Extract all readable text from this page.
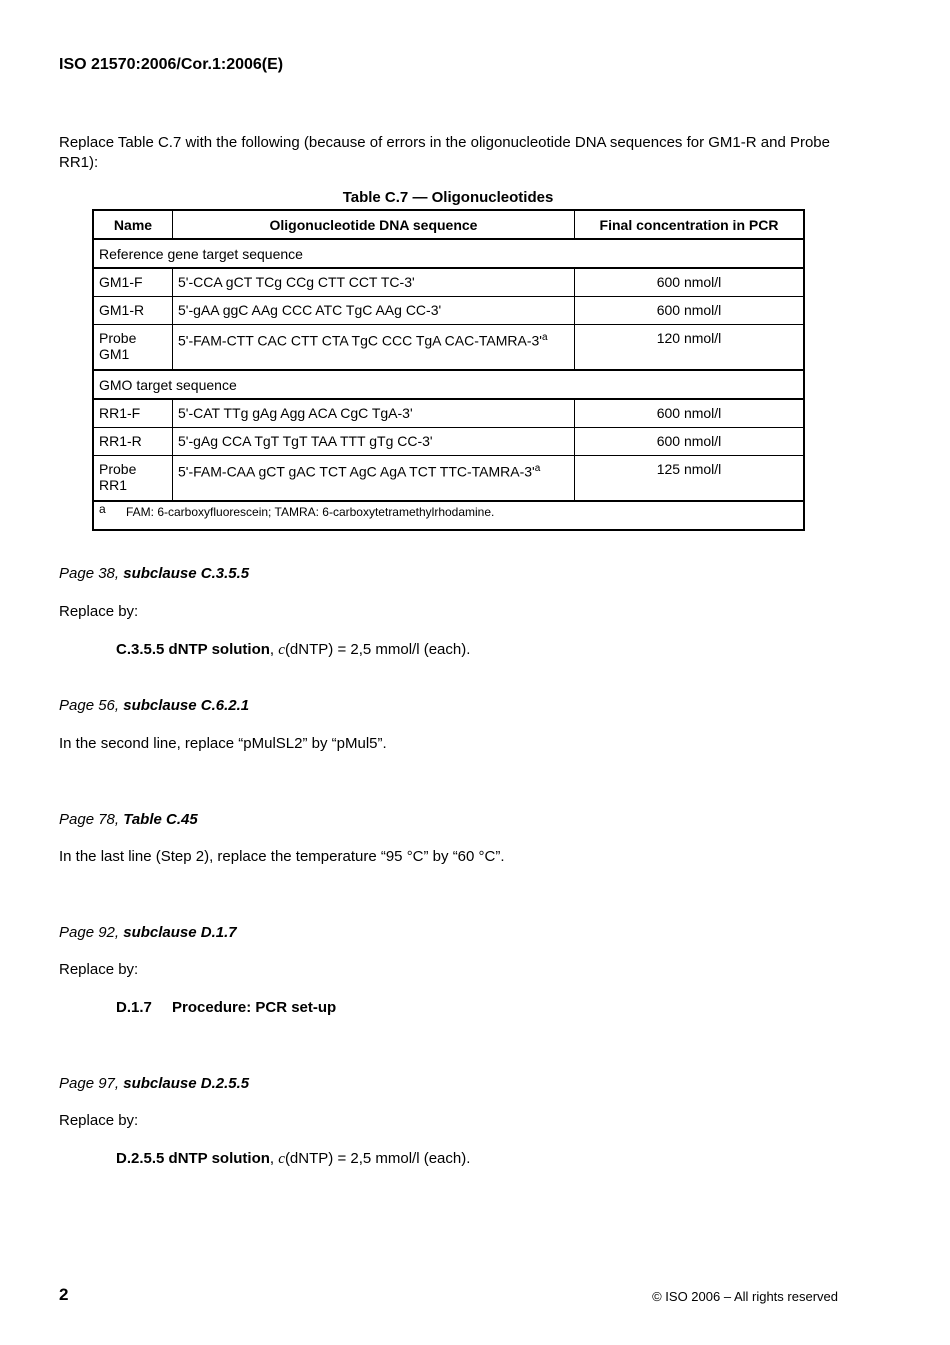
ISO 21570:2006/Cor.1:2006(E)
Replace Table C.7 with the following (because of errors in the oligonucleotide DNA sequences for GM1-R and Probe RR1):
Table C.7 — Oligonucleotides
Name	Oligonucleotide DNA sequence	Final concentration in PCR
Reference gene target sequence		
GM1-F	5'-CCA gCT TCg CCg CTT CCT TC-3'	600 nmol/l
GM1-R	5'-gAA ggC AAg CCC ATC TgC AAg CC-3'	600 nmol/l
Probe GM1	5'-FAM-CTT CAC CTT CTA TgC CCC TgA CAC-$TAMRA-3'^a$	120 nmol/l
GMO target sequence		
RR1-F	5'-CAT TTg gAg Agg ACA CgC TgA-3'	600 nmol/l
RR1-R	5'-gAg CCA TgT TgT TAA TTT gTg CC-3'	600 nmol/l
Probe RR1	5'-FAM-CAA gCT gAC TCT AgC AgA TCT TTC-$TAMRA-3'^a$	125 nmol/l
a FAM: 6-carboxyfluorescein; TAMRA: 6-carboxytetramethylrhodamine.		
Page 38, subclause C.3.5.5
Replace by:
C.3.5.5 dNTP solution, c(dNTP) = 2,5 mmol/l (each).
Page 56, subclause C.6.2.1
In the second line, replace “pMulSL2” by “pMul5”.
Page 78, Table C.45
In the last line (Step 2), replace the temperature “95 °C” by “60 °C”.
Page 92, subclause D.1.7
Replace by:
D.1.7 Procedure: PCR set-up
Page 97, subclause D.2.5.5
Replace by:
D.2.5.5 dNTP solution, c(dNTP) = 2,5 mmol/l (each).
2	© ISO 2006 – All rights reserved
